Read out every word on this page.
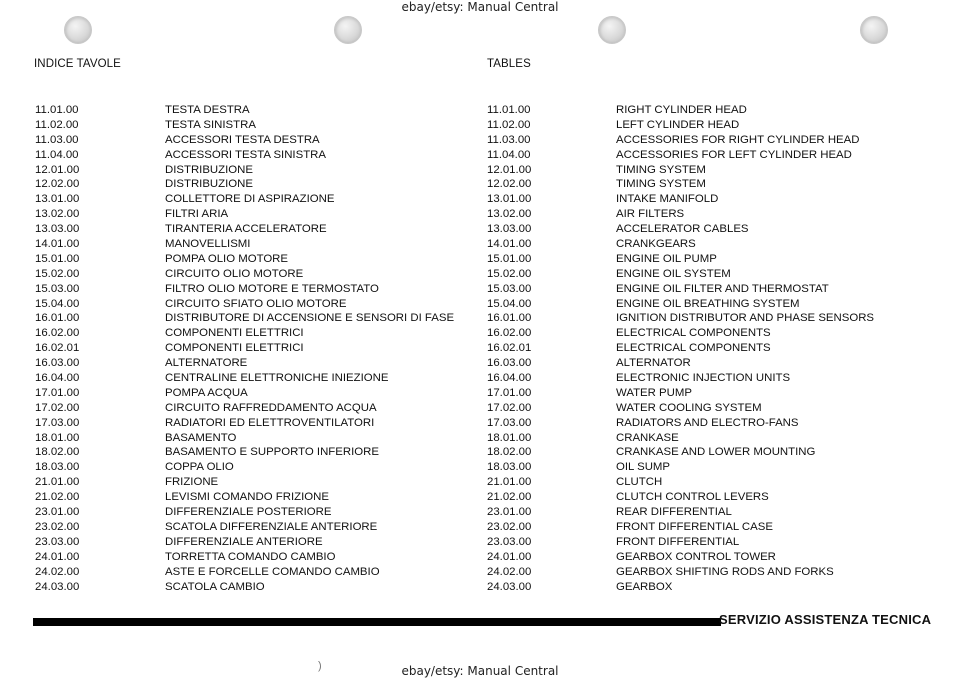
ebay/etsy: Manual Central
INDICE TAVOLE	TABLES
11.01.00
11.02.00
11.03.00
11.04.00
12.01.00
12.02.00
13.01.00
13.02.00
13.03.00
14.01.00
15.01.00
15.02.00
15.03.00
15.04.00
16.01.00
16.02.00
16.02.01
16.03.00
16.04.00
17.01.00
17.02.00
17.03.00
18.01.00
18.02.00
18.03.00
21.01.00
21.02.00
23.01.00
23.02.00
23.03.00
24.01.00
24.02.00
24.03.00
TESTA DESTRA
TESTA SINISTRA
ACCESSORI TESTA DESTRA
ACCESSORI TESTA SINISTRA
DISTRIBUZIONE
DISTRIBUZIONE
COLLETTORE DI ASPIRAZIONE
FILTRI ARIA
TIRANTERIA ACCELERATORE
MANOVELLISMI
POMPA OLIO MOTORE
CIRCUITO OLIO MOTORE
FILTRO OLIO MOTORE E TERMOSTATO
CIRCUITO SFIATO OLIO MOTORE
DISTRIBUTORE DI ACCENSIONE E SENSORI DI FASE
COMPONENTI ELETTRICI
COMPONENTI ELETTRICI
ALTERNATORE
CENTRALINE ELETTRONICHE INIEZIONE
POMPA ACQUA
CIRCUITO RAFFREDDAMENTO ACQUA
RADIATORI ED ELETTROVENTILATORI
BASAMENTO
BASAMENTO E SUPPORTO INFERIORE
COPPA OLIO
FRIZIONE
LEVISMI COMANDO FRIZIONE
DIFFERENZIALE POSTERIORE
SCATOLA DIFFERENZIALE ANTERIORE
DIFFERENZIALE ANTERIORE
TORRETTA COMANDO CAMBIO
ASTE E FORCELLE COMANDO CAMBIO
SCATOLA CAMBIO
11.01.00
11.02.00
11.03.00
11.04.00
12.01.00
12.02.00
13.01.00
13.02.00
13.03.00
14.01.00
15.01.00
15.02.00
15.03.00
15.04.00
16.01.00
16.02.00
16.02.01
16.03.00
16.04.00
17.01.00
17.02.00
17.03.00
18.01.00
18.02.00
18.03.00
21.01.00
21.02.00
23.01.00
23.02.00
23.03.00
24.01.00
24.02.00
24.03.00
RIGHT CYLINDER HEAD
LEFT CYLINDER HEAD
ACCESSORIES FOR RIGHT CYLINDER HEAD
ACCESSORIES FOR LEFT CYLINDER HEAD
TIMING SYSTEM
TIMING SYSTEM
INTAKE MANIFOLD
AIR FILTERS
ACCELERATOR CABLES
CRANKGEARS
ENGINE OIL PUMP
ENGINE OIL SYSTEM
ENGINE OIL FILTER AND THERMOSTAT
ENGINE OIL BREATHING SYSTEM
IGNITION DISTRIBUTOR AND PHASE SENSORS
ELECTRICAL COMPONENTS
ELECTRICAL COMPONENTS
ALTERNATOR
ELECTRONIC INJECTION UNITS
WATER PUMP
WATER COOLING SYSTEM
RADIATORS AND ELECTRO-FANS
CRANKASE
CRANKASE AND LOWER MOUNTING
OIL SUMP
CLUTCH
CLUTCH CONTROL LEVERS
REAR DIFFERENTIAL
FRONT DIFFERENTIAL CASE
FRONT DIFFERENTIAL
GEARBOX CONTROL TOWER
GEARBOX SHIFTING RODS AND FORKS
GEARBOX
SERVIZIO ASSISTENZA TECNICA
)	ebay/etsy: Manual Central
